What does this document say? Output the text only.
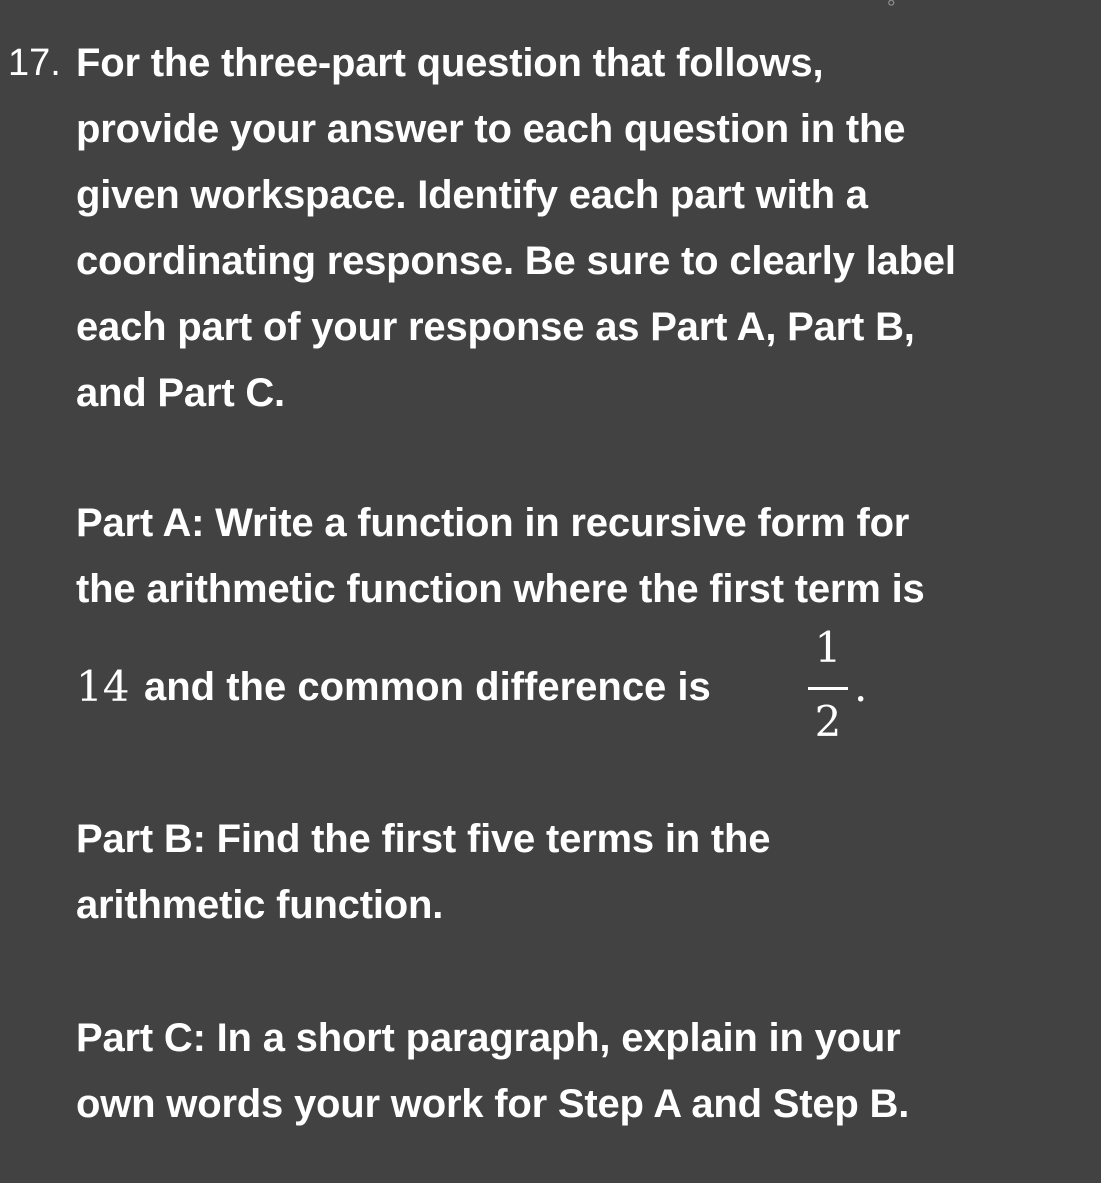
∘
17. For the three-part question that follows,
provide your answer to each question in the
given workspace. Identify each part with a
coordinating response. Be sure to clearly label
each part of your response as Part A, Part B,
and Part C.
Part A: Write a function in recursive form for
the arithmetic function where the first term is
14 and the common difference is
1
2
.
Part B: Find the first five terms in the
arithmetic function.
Part C: In a short paragraph, explain in your
own words your work for Step A and Step B.
